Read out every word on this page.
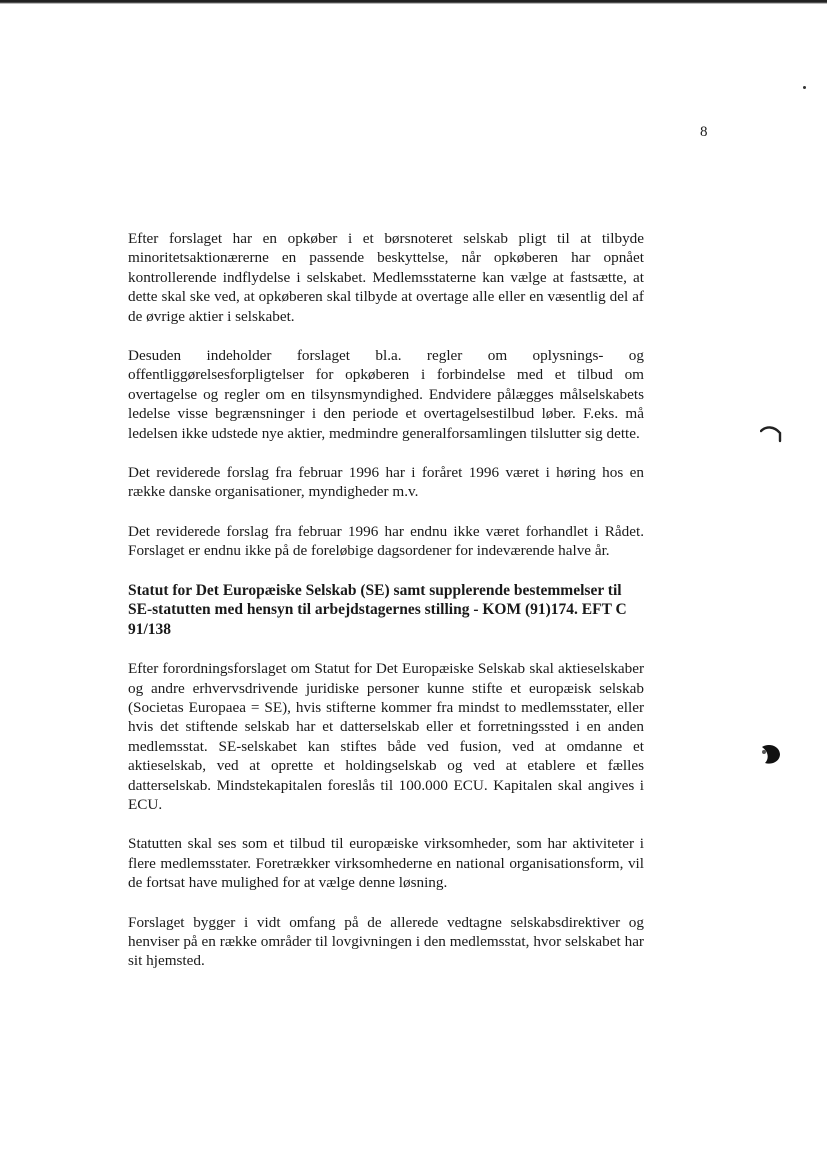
8

Efter forslaget har en opkøber i et børsnoteret selskab pligt til at tilbyde minoritetsaktionærerne en passende beskyttelse, når opkøberen har opnået kontrollerende indflydelse i selskabet. Medlemsstaterne kan vælge at fastsætte, at dette skal ske ved, at opkøberen skal tilbyde at overtage alle eller en væsentlig del af de øvrige aktier i selskabet.

Desuden indeholder forslaget bl.a. regler om oplysnings- og offentliggørelsesforpligtelser for opkøberen i forbindelse med et tilbud om overtagelse og regler om en tilsynsmyndighed. Endvidere pålægges målselskabets ledelse visse begrænsninger i den periode et overtagelsestilbud løber. F.eks. må ledelsen ikke udstede nye aktier, medmindre generalforsamlingen tilslutter sig dette.

Det reviderede forslag fra februar 1996 har i foråret 1996 været i høring hos en række danske organisationer, myndigheder m.v.

Det reviderede forslag fra februar 1996 har endnu ikke været forhandlet i Rådet. Forslaget er endnu ikke på de foreløbige dagsordener for indeværende halve år.

Statut for Det Europæiske Selskab (SE) samt supplerende bestemmelser til SE-statutten med hensyn til arbejdstagernes stilling - KOM (91)174. EFT C 91/138

Efter forordningsforslaget om Statut for Det Europæiske Selskab skal aktieselskaber og andre erhvervsdrivende juridiske personer kunne stifte et europæisk selskab (Societas Europaea = SE), hvis stifterne kommer fra mindst to medlemsstater, eller hvis det stiftende selskab har et datterselskab eller et forretningssted i en anden medlemsstat. SE-selskabet kan stiftes både ved fusion, ved at omdanne et aktieselskab, ved at oprette et holdingselskab og ved at etablere et fælles datterselskab. Mindstekapitalen foreslås til 100.000 ECU. Kapitalen skal angives i ECU.

Statutten skal ses som et tilbud til europæiske virksomheder, som har aktiviteter i flere medlemsstater. Foretrækker virksomhederne en national organisationsform, vil de fortsat have mulighed for at vælge denne løsning.

Forslaget bygger i vidt omfang på de allerede vedtagne selskabsdirektiver og henviser på en række områder til lovgivningen i den medlemsstat, hvor selskabet har sit hjemsted.
